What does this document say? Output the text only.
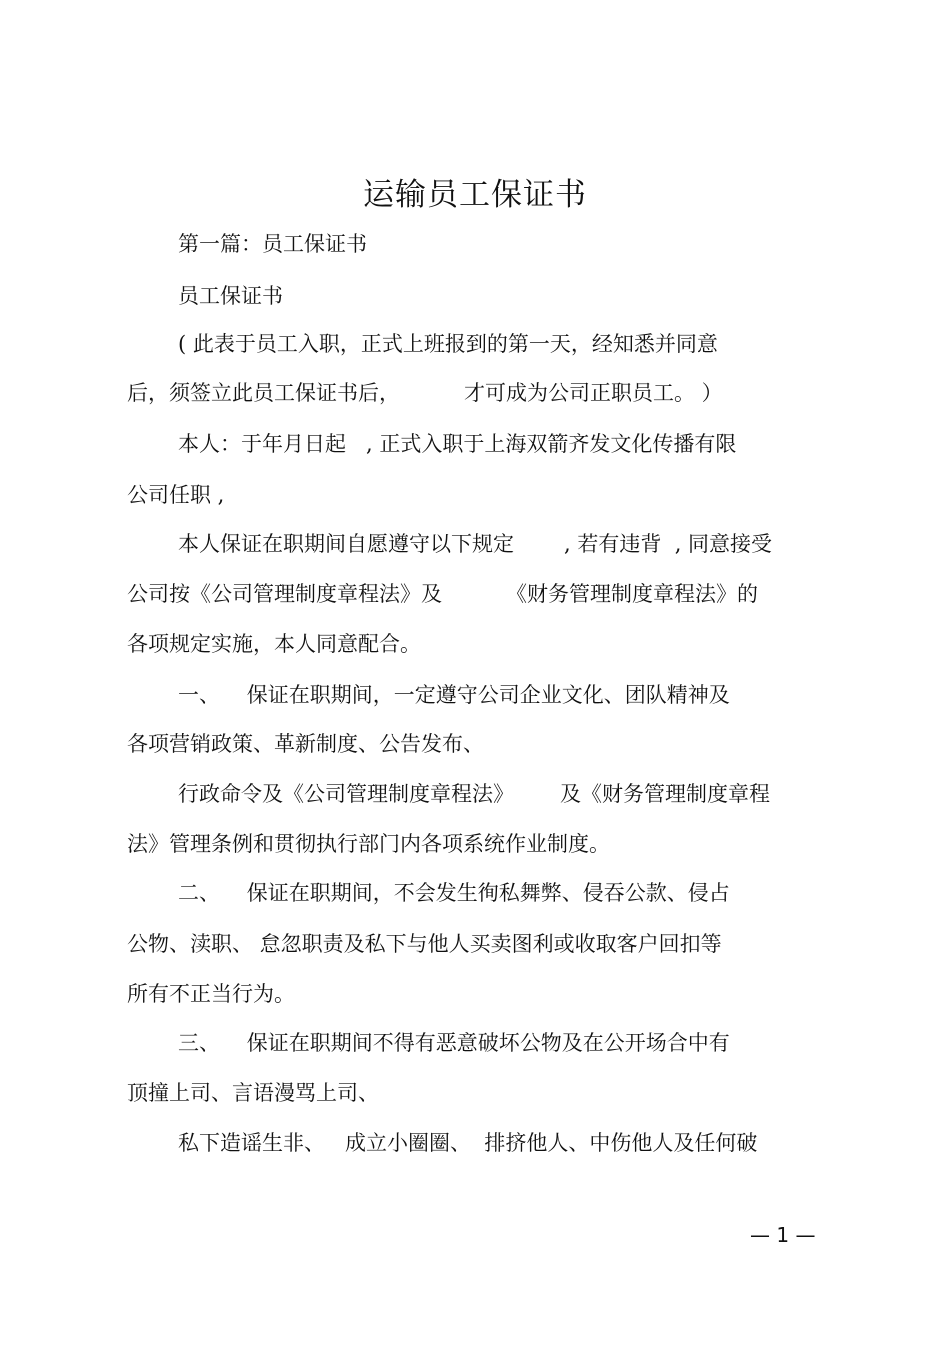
运输员工保证书
第一篇：员工保证书
员工保证书
( 此表于员工入职，正式上班报到的第一天，经知悉并同意
后，须签立此员工保证书后，	才可成为公司正职员工。 ）
本人：于年月日起   , 正式入职于上海双箭齐发文化传播有限
公司任职 ,
本人保证在职期间自愿遵守以下规定 , 若有违背  , 同意接受
公司按《公司管理制度章程法》及	《财务管理制度章程法》的
各项规定实施，本人同意配合。
一、    保证在职期间，一定遵守公司企业文化、团队精神及
各项营销政策、革新制度、公告发布、
行政命令及《公司管理制度章程法》 及《财务管理制度章程
法》管理条例和贯彻执行部门内各项系统作业制度。
二、    保证在职期间，不会发生徇私舞弊、侵吞公款、侵占
公物、渎职、 怠忽职责及私下与他人买卖图利或收取客户回扣等
所有不正当行为。
三、    保证在职期间不得有恶意破坏公物及在公开场合中有
顶撞上司、言语漫骂上司、
私下造谣生非、   成立小圈圈、  排挤他人、中伤他人及任何破
— 1 —
